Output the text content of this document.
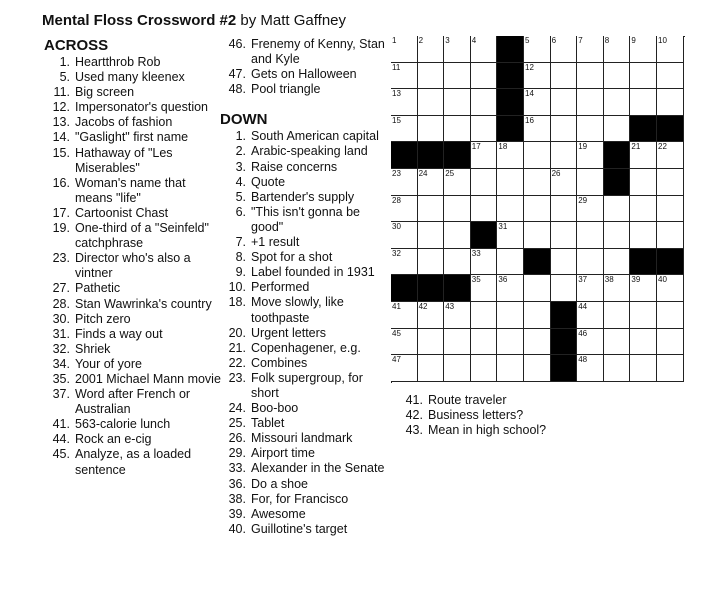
Mental Floss Crossword #2 by Matt Gaffney
ACROSS
1. Heartthrob Rob
5. Used many kleenex
11. Big screen
12. Impersonator's question
13. Jacobs of fashion
14. "Gaslight" first name
15. Hathaway of "Les Miserables"
16. Woman's name that means "life"
17. Cartoonist Chast
19. One-third of a "Seinfeld" catchphrase
23. Director who's also a vintner
27. Pathetic
28. Stan Wawrinka's country
30. Pitch zero
31. Finds a way out
32. Shriek
34. Your of yore
35. 2001 Michael Mann movie
37. Word after French or Australian
41. 563-calorie lunch
44. Rock an e-cig
45. Analyze, as a loaded sentence
46. Frenemy of Kenny, Stan and Kyle
47. Gets on Halloween
48. Pool triangle
DOWN
1. South American capital
2. Arabic-speaking land
3. Raise concerns
4. Quote
5. Bartender's supply
6. "This isn't gonna be good"
7. +1 result
8. Spot for a shot
9. Label founded in 1931
10. Performed
18. Move slowly, like toothpaste
20. Urgent letters
21. Copenhagener, e.g.
22. Combines
23. Folk supergroup, for short
24. Boo-boo
25. Tablet
26. Missouri landmark
29. Airport time
33. Alexander in the Senate
36. Do a shoe
38. For, for Francisco
39. Awesome
40. Guillotine's target
41. Route traveler
42. Business letters?
43. Mean in high school?
1	2	3	4	5	6	7	8	9	10
11	12
13	14
15	16
17 18	19	21 22
23 24 25	26
28	29
30	31
32	33
35 36	37 38 39 40
41 42 43	44
45	46
47	48
